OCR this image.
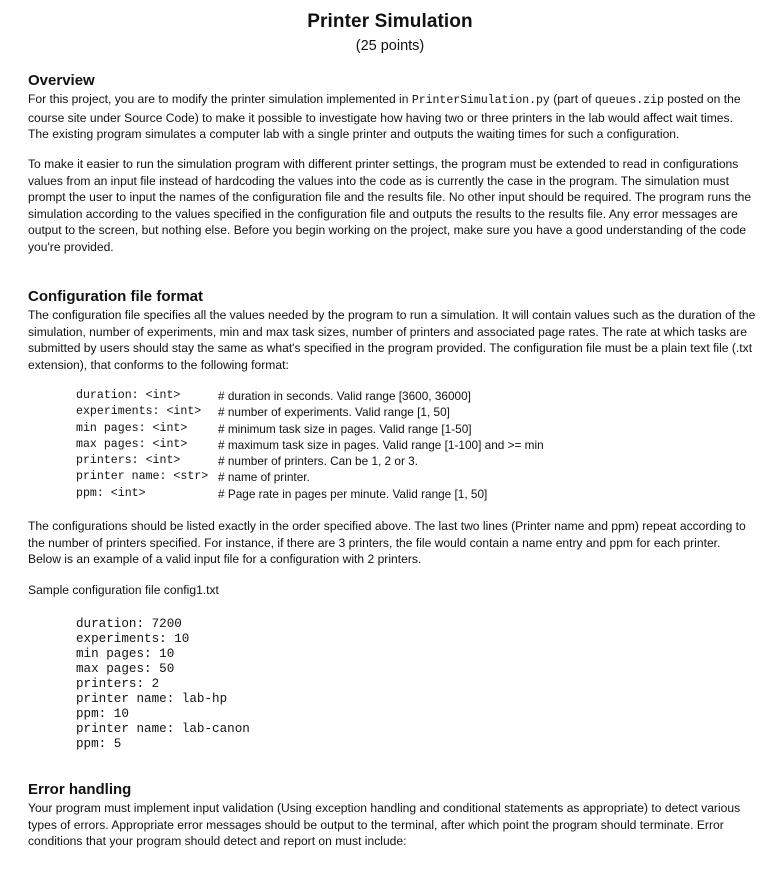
Printer Simulation
(25 points)
Overview
For this project, you are to modify the printer simulation implemented in PrinterSimulation.py (part of queues.zip posted on the course site under Source Code) to make it possible to investigate how having two or three printers in the lab would affect wait times. The existing program simulates a computer lab with a single printer and outputs the waiting times for such a configuration.
To make it easier to run the simulation program with different printer settings, the program must be extended to read in configurations values from an input file instead of hardcoding the values into the code as is currently the case in the program. The simulation must prompt the user to input the names of the configuration file and the results file. No other input should be required. The program runs the simulation according to the values specified in the configuration file and outputs the results to the results file. Any error messages are output to the screen, but nothing else. Before you begin working on the project, make sure you have a good understanding of the code you're provided.
Configuration file format
The configuration file specifies all the values needed by the program to run a simulation. It will contain values such as the duration of the simulation, number of experiments, min and max task sizes, number of printers and associated page rates. The rate at which tasks are submitted by users should stay the same as what's specified in the program provided. The configuration file must be a plain text file (.txt extension), that conforms to the following format:
duration: <int>	# duration in seconds. Valid range [3600, 36000]
experiments: <int> # number of experiments. Valid range [1, 50]
min pages: <int>	# minimum task size in pages. Valid range [1-50]
max pages: <int>	# maximum task size in pages. Valid range [1-100] and >= min
printers: <int>	# number of printers. Can be 1, 2 or 3.
printer name: <str> # name of printer.
ppm: <int>	# Page rate in pages per minute. Valid range [1, 50]
The configurations should be listed exactly in the order specified above. The last two lines (Printer name and ppm) repeat according to the number of printers specified. For instance, if there are 3 printers, the file would contain a name entry and ppm for each printer. Below is an example of a valid input file for a configuration with 2 printers.
Sample configuration file config1.txt
duration: 7200
experiments: 10
min pages: 10
max pages: 50
printers: 2
printer name: lab-hp
ppm: 10
printer name: lab-canon
ppm: 5
Error handling
Your program must implement input validation (Using exception handling and conditional statements as appropriate) to detect various types of errors. Appropriate error messages should be output to the terminal, after which point the program should terminate. Error conditions that your program should detect and report on must include:
